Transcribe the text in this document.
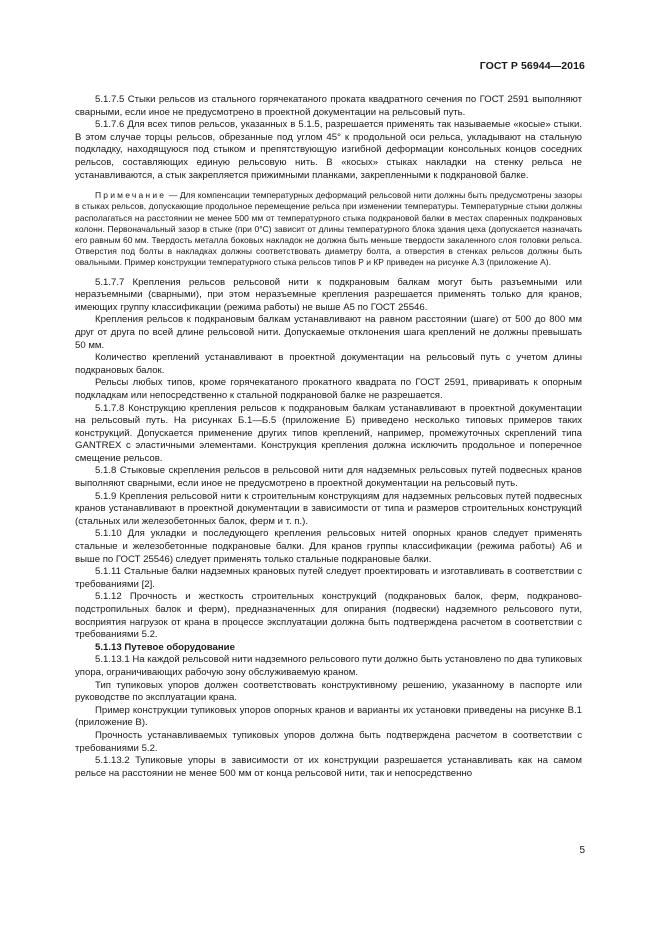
ГОСТ Р 56944—2016

5.1.7.5 Стыки рельсов из стального горячекатаного проката квадратного сечения по ГОСТ 2591 выполняют сварными, если иное не предусмотрено в проектной документации на рельсовый путь.

5.1.7.6 Для всех типов рельсов, указанных в 5.1.5, разрешается применять так называемые «косые» стыки. В этом случае торцы рельсов, обрезанные под углом 45° к продольной оси рельса, укладывают на стальную подкладку, находящуюся под стыком и препятствующую изгибной деформации консольных концов соседних рельсов, составляющих единую рельсовую нить. В «косых» стыках накладки на стенку рельса не устанавливаются, а стык закрепляется прижимными планками, закрепленными к подкрановой балке.

Примечание — Для компенсации температурных деформаций рельсовой нити должны быть предусмотрены зазоры в стыках рельсов, допускающие продольное перемещение рельса при изменении температуры. Температурные стыки должны располагаться на расстоянии не менее 500 мм от температурного стыка подкрановой балки в местах спаренных подкрановых колонн. Первоначальный зазор в стыке (при 0°С) зависит от длины температурного блока здания цеха (допускается назначать его равным 60 мм. Твердость металла боковых накладок не должна быть меньше твердости закаленного слоя головки рельса. Отверстия под болты в накладках должны соответствовать диаметру болта, а отверстия в стенках рельсов должны быть овальными. Пример конструкции температурного стыка рельсов типов Р и КР приведен на рисунке А.3 (приложение А).

5.1.7.7 Крепления рельсов рельсовой нити к подкрановым балкам могут быть разъемными или неразъемными (сварными), при этом неразъемные крепления разрешается применять только для кранов, имеющих группу классификации (режима работы) не выше А5 по ГОСТ 25546.

Крепления рельсов к подкрановым балкам устанавливают на равном расстоянии (шаге) от 500 до 800 мм друг от друга по всей длине рельсовой нити. Допускаемые отклонения шага креплений не должны превышать 50 мм.

Количество креплений устанавливают в проектной документации на рельсовый путь с учетом длины подкрановых балок.

Рельсы любых типов, кроме горячекатаного прокатного квадрата по ГОСТ 2591, приваривать к опорным подкладкам или непосредственно к стальной подкрановой балке не разрешается.

5.1.7.8 Конструкцию крепления рельсов к подкрановым балкам устанавливают в проектной документации на рельсовый путь. На рисунках Б.1—Б.5 (приложение Б) приведено несколько типовых примеров таких конструкций. Допускается применение других типов креплений, например, промежуточных скреплений типа GANTREX с эластичными элементами. Конструкция крепления должна исключить продольное и поперечное смещение рельсов.

5.1.8 Стыковые скрепления рельсов в рельсовой нити для надземных рельсовых путей подвесных кранов выполняют сварными, если иное не предусмотрено в проектной документации на рельсовый путь.

5.1.9 Крепления рельсовой нити к строительным конструкциям для надземных рельсовых путей подвесных кранов устанавливают в проектной документации в зависимости от типа и размеров строительных конструкций (стальных или железобетонных балок, ферм и т. п.).

5.1.10 Для укладки и последующего крепления рельсовых нитей опорных кранов следует применять стальные и железобетонные подкрановые балки. Для кранов группы классификации (режима работы) А6 и выше по ГОСТ 25546) следует применять только стальные подкрановые балки.

5.1.11 Стальные балки надземных крановых путей следует проектировать и изготавливать в соответствии с требованиями [2].

5.1.12 Прочность и жесткость строительных конструкций (подкрановых балок, ферм, подкраново-подстропильных балок и ферм), предназначенных для опирания (подвески) надземного рельсового пути, восприятия нагрузок от крана в процессе эксплуатации должна быть подтверждена расчетом в соответствии с требованиями 5.2.

5.1.13 Путевое оборудование

5.1.13.1 На каждой рельсовой нити надземного рельсового пути должно быть установлено по два тупиковых упора, ограничивающих рабочую зону обслуживаемую краном.

Тип тупиковых упоров должен соответствовать конструктивному решению, указанному в паспорте или руководстве по эксплуатации крана.

Пример конструкции тупиковых упоров опорных кранов и варианты их установки приведены на рисунке В.1 (приложение В).

Прочность устанавливаемых тупиковых упоров должна быть подтверждена расчетом в соответствии с требованиями 5.2.

5.1.13.2 Тупиковые упоры в зависимости от их конструкции разрешается устанавливать как на самом рельсе на расстоянии не менее 500 мм от конца рельсовой нити, так и непосредственно

5
